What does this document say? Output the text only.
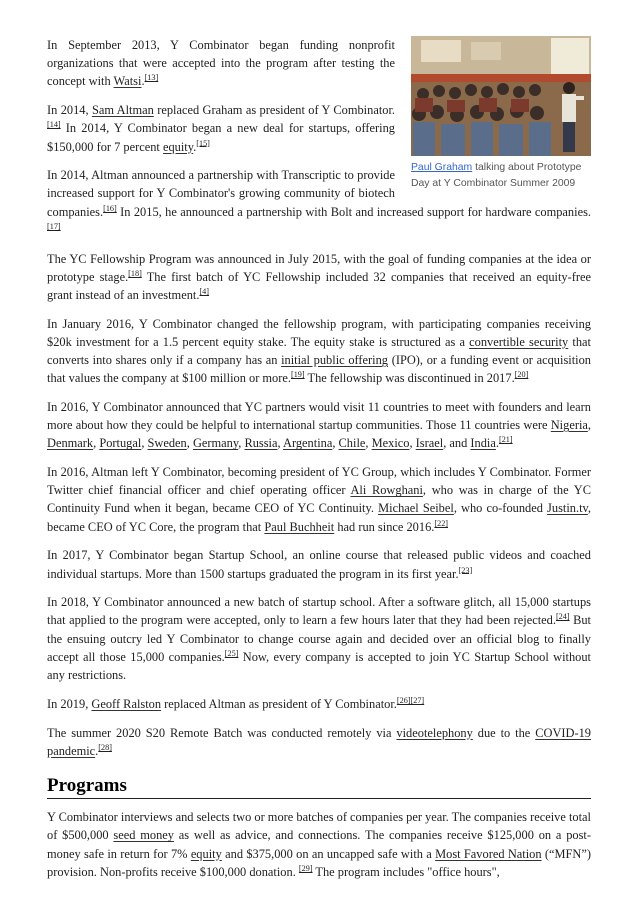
Paul Graham talking about Prototype Day at Y Combinator Summer 2009

In September 2013, Y Combinator began funding nonprofit organizations that were accepted into the program after testing the concept with Watsi.[13]

In 2014, Sam Altman replaced Graham as president of Y Combinator.[14] In 2014, Y Combinator began a new deal for startups, offering $150,000 for 7 percent equity.[15]

In 2014, Altman announced a partnership with Transcriptic to provide increased support for Y Combinator's growing community of biotech companies.[16] In 2015, he announced a partnership with Bolt and increased support for hardware companies.[17]

The YC Fellowship Program was announced in July 2015, with the goal of funding companies at the idea or prototype stage.[18] The first batch of YC Fellowship included 32 companies that received an equity-free grant instead of an investment.[4]

In January 2016, Y Combinator changed the fellowship program, with participating companies receiving $20k investment for a 1.5 percent equity stake. The equity stake is structured as a convertible security that converts into shares only if a company has an initial public offering (IPO), or a funding event or acquisition that values the company at $100 million or more.[19] The fellowship was discontinued in 2017.[20]

In 2016, Y Combinator announced that YC partners would visit 11 countries to meet with founders and learn more about how they could be helpful to international startup communities. Those 11 countries were Nigeria, Denmark, Portugal, Sweden, Germany, Russia, Argentina, Chile, Mexico, Israel, and India.[21]

In 2016, Altman left Y Combinator, becoming president of YC Group, which includes Y Combinator. Former Twitter chief financial officer and chief operating officer Ali Rowghani, who was in charge of the YC Continuity Fund when it began, became CEO of YC Continuity. Michael Seibel, who co-founded Justin.tv, became CEO of YC Core, the program that Paul Buchheit had run since 2016.[22]

In 2017, Y Combinator began Startup School, an online course that released public videos and coached individual startups. More than 1500 startups graduated the program in its first year.[23]

In 2018, Y Combinator announced a new batch of startup school. After a software glitch, all 15,000 startups that applied to the program were accepted, only to learn a few hours later that they had been rejected.[24] But the ensuing outcry led Y Combinator to change course again and decided over an official blog to finally accept all those 15,000 companies.[25] Now, every company is accepted to join YC Startup School without any restrictions.

In 2019, Geoff Ralston replaced Altman as president of Y Combinator.[26][27]

The summer 2020 S20 Remote Batch was conducted remotely via videotelephony due to the COVID-19 pandemic.[28]

Programs

Y Combinator interviews and selects two or more batches of companies per year. The companies receive total of $500,000 seed money as well as advice, and connections. The companies receive $125,000 on a post-money safe in return for 7% equity and $375,000 on an uncapped safe with a Most Favored Nation (“MFN”) provision. Non-profits receive $100,000 donation. [29] The program includes "office hours",
